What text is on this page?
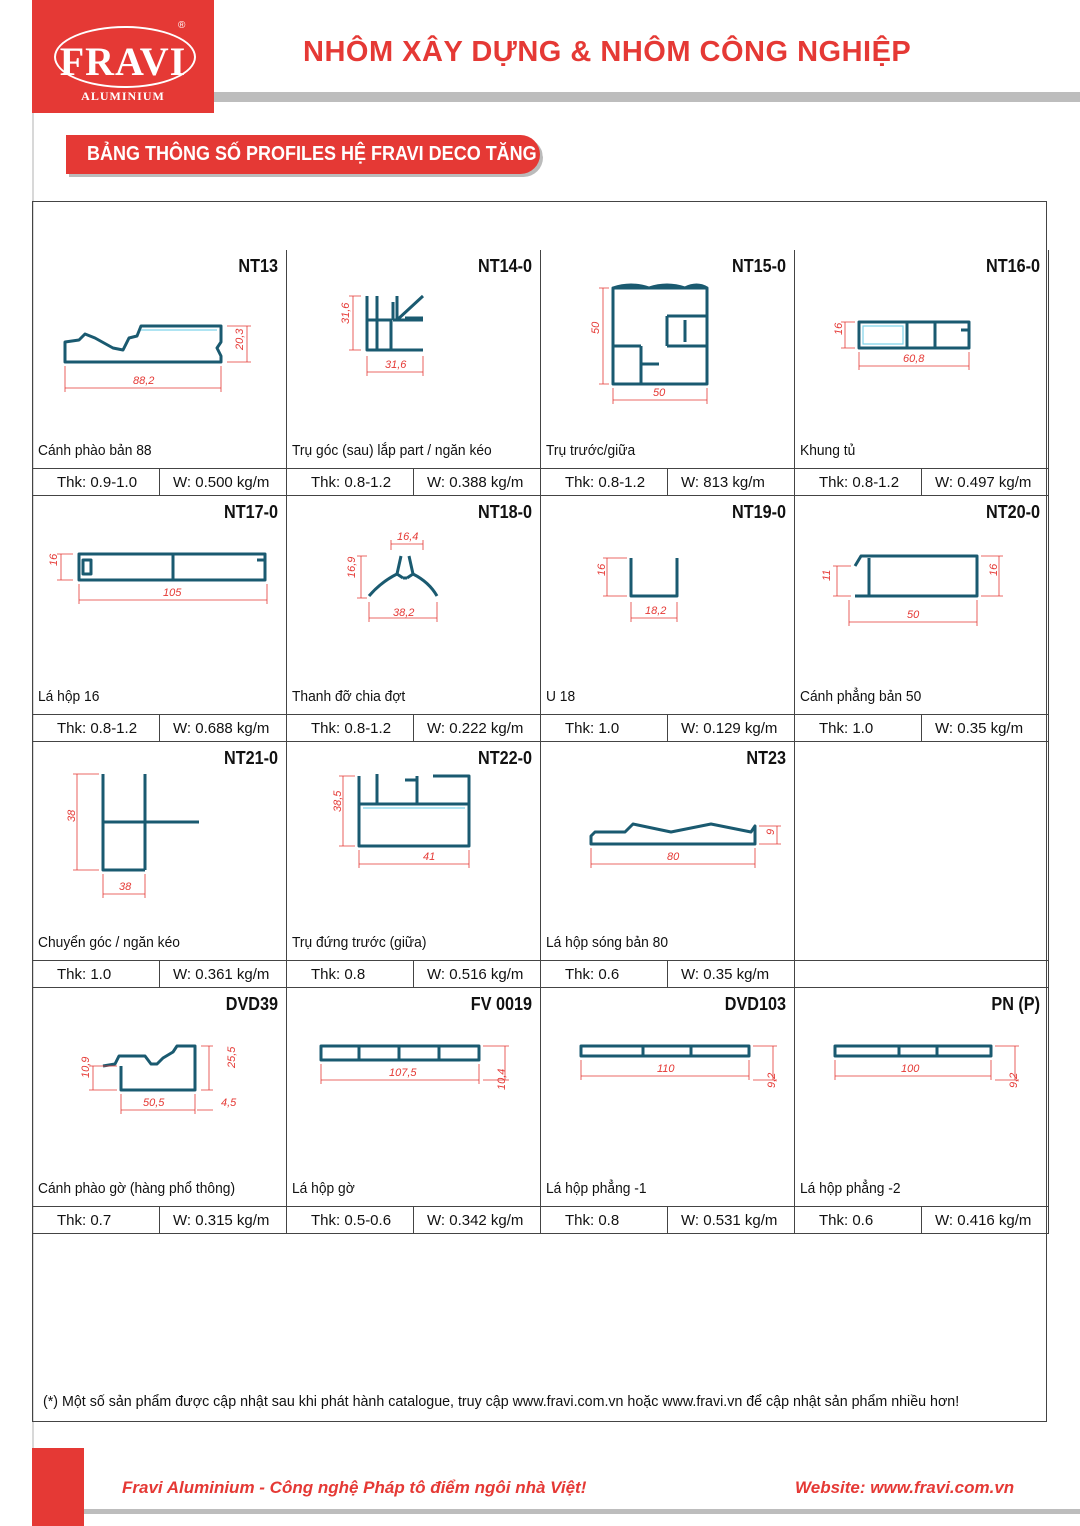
FRAVI
®
ALUMINIUM
NHÔM XÂY DỰNG & NHÔM CÔNG NGHIỆP
BẢNG THÔNG SỐ PROFILES HỆ FRAVI DECO TĂNG CƯỜNG
NT13
88,2
20,3
Cánh phào bản 88
Thk: 0.9-1.0	W: 0.500 kg/m
NT14-0
31,6
31,6
Trụ góc (sau) lắp part / ngăn kéo
Thk: 0.8-1.2	W: 0.388 kg/m
NT15-0
50
50
Trụ trước/giữa
Thk: 0.8-1.2	W: 813 kg/m
NT16-0
16
60,8
Khung tủ
Thk: 0.8-1.2	W: 0.497 kg/m
NT17-0
16
105
Lá hộp 16
Thk: 0.8-1.2	W: 0.688 kg/m
NT18-0
16,4
16,9
38,2
Thanh đỡ chia đợt
Thk: 0.8-1.2	W: 0.222 kg/m
NT19-0
16
18,2
U 18
Thk: 1.0	W: 0.129 kg/m
NT20-0
11	16
50
Cánh phẳng bản 50
Thk: 1.0	W: 0.35 kg/m
NT21-0
38
38
Chuyển góc / ngăn kéo
Thk: 1.0	W: 0.361 kg/m
NT22-0
38,5
41
Trụ đứng trước (giữa)
Thk: 0.8	W: 0.516 kg/m
NT23
9
80
Lá hộp sóng bản 80
Thk: 0.6	W: 0.35 kg/m
DVD39
10,9	25,5
50,5	4,5
Cánh phào gờ (hàng phổ thông)
Thk: 0.7	W: 0.315 kg/m
FV 0019
107,5	10,4
Lá hộp gờ
Thk: 0.5-0.6	W: 0.342 kg/m
DVD103
110
9,2
Lá hộp phẳng -1
Thk: 0.8	W: 0.531 kg/m
PN (P)
100
9,2
Lá hộp phẳng -2
Thk: 0.6	W: 0.416 kg/m
(*) Một số sản phẩm được cập nhật sau khi phát hành catalogue, truy cập www.fravi.com.vn hoặc www.fravi.vn để cập nhật sản phẩm nhiều hơn!
Fravi Aluminium - Công nghệ Pháp tô điểm ngôi nhà Việt!	Website: www.fravi.com.vn
